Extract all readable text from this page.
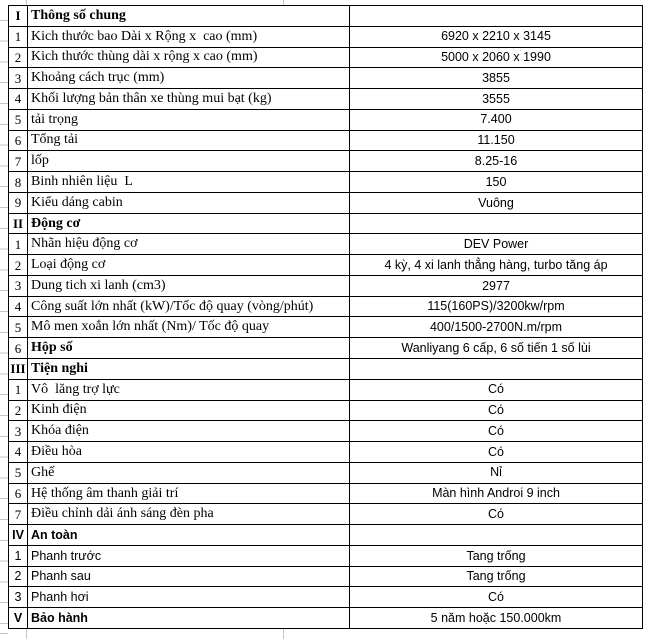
I Thông số chung
1 Kich thước bao Dài x Rộng x  cao (mm)	6920 x 2210 x 3145
2 Kich thước thùng dài x rộng x cao (mm)	5000 x 2060 x 1990
3 Khoảng cách trục (mm)	3855
4 Khối lượng bản thân xe thùng mui bạt (kg)	3555
5 tải trọng	7.400
6 Tổng tải	11.150
7 lốp	8.25-16
8 Binh nhiên liệu  L	150
9 Kiểu dáng cabin	Vuông
II Động cơ
1 Nhãn hiệu động cơ	DEV Power
2 Loại động cơ	4 kỳ, 4 xi lanh thẳng hàng, turbo tăng áp
3 Dung tich xi lanh (cm3)	2977
4 Công suất lớn nhất (kW)/Tốc độ quay (vòng/phút)	115(160PS)/3200kw/rpm
5 Mô men xoắn lớn nhất (Nm)/ Tốc độ quay	400/1500-2700N.m/rpm
6 Hộp số	Wanliyang 6 cấp, 6 số tiến 1 số lùi
III Tiện nghi
1 Vô  lăng trợ lực	Có
2 Kinh điện	Có
3 Khóa điện	Có
4 Điều hòa	Có
5 Ghế	Nỉ
6 Hệ thống âm thanh giải trí	Màn hình Androi 9 inch
7 Điều chỉnh dải ánh sáng đèn pha	Có
IV An toàn
1 Phanh trước	Tang trống
2 Phanh sau	Tang trống
3 Phanh hơi	Có
V Bảo hành	5 năm hoặc 150.000km
